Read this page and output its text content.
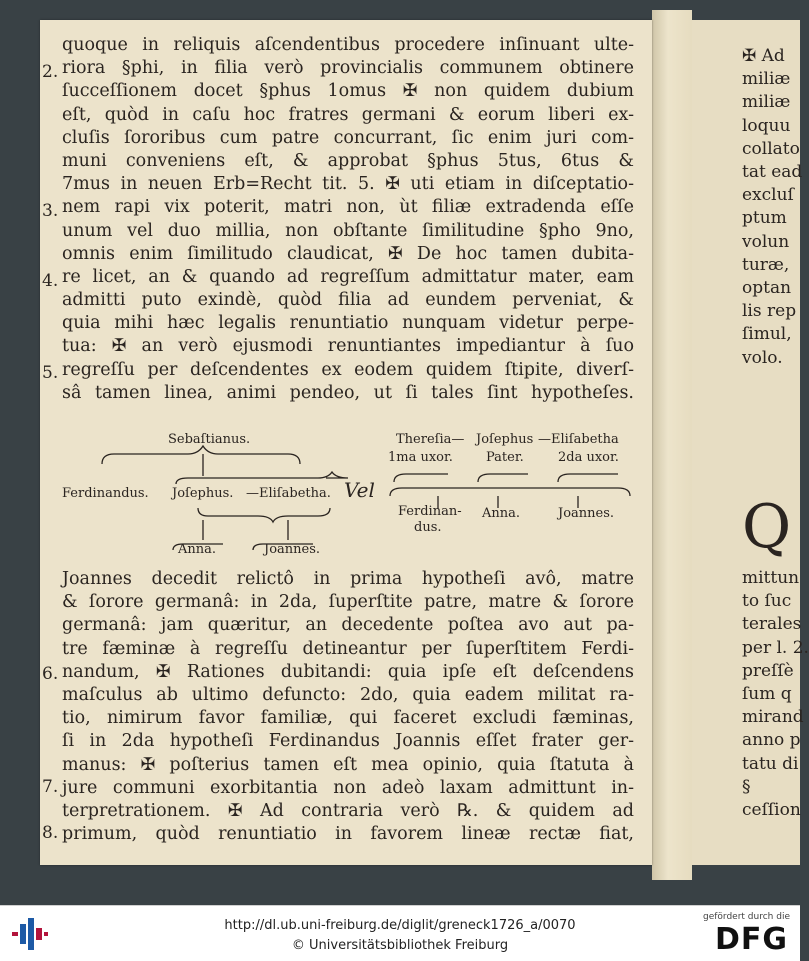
quoque in reliquis aſcendentibus procedere inſinuant ulte-
riora §phi, in filia verò provincialis communem obtinere
ſucceſſionem docet §phus 1omus ✠ non quidem dubium
eſt, quòd in caſu hoc fratres germani & eorum liberi ex-
cluſis ſororibus cum patre concurrant, ſic enim juri com-
muni conveniens eſt, & approbat §phus 5tus, 6tus &
7mus in neuen Erb=Recht tit. 5. ✠ uti etiam in diſceptatio-
nem rapi vix poterit, matri non, ùt filiæ extradenda eſſe
unum vel duo millia, non obſtante ſimilitudine §pho 9no,
omnis enim ſimilitudo claudicat, ✠ De hoc tamen dubita-
re licet, an & quando ad regreſſum admittatur mater, eam
admitti puto exindè, quòd filia ad eundem perveniat, &
quia mihi hæc legalis renuntiatio nunquam videtur perpe-
tua: ✠ an verò ejusmodi renuntiantes impediantur à ſuo
regreſſu per deſcendentes ex eodem quidem ſtipite, diverſ-
sâ tamen linea, animi pendeo, ut ſi tales ſint hypotheſes.
2.
3.
4.
5.
6.
7.
8.
Sebaſtianus.
Ferdinandus. Joſephus. —Eliſabetha.
Anna.	Joannes.
Vel
Thereſia—
1ma uxor.
Joſephus
Pater.
—Eliſabetha
2da uxor.
Ferdinan-
dus.
Anna.	Joannes.
Joannes decedit relictô in prima hypotheſi avô, matre
& ſorore germanâ: in 2da, ſuperſtite patre, matre & ſorore
germanâ: jam quæritur, an decedente poſtea avo aut pa-
tre fæminæ à regreſſu detineantur per ſuperſtitem Ferdi-
nandum, ✠ Rationes dubitandi: quia ipſe eſt deſcendens
maſculus ab ultimo defuncto: 2do, quia eadem militat ra-
tio, nimirum favor familiæ, qui faceret excludi fæminas,
ſi in 2da hypotheſi Ferdinandus Joannis eſſet frater ger-
manus: ✠ poſterius tamen eſt mea opinio, quia ſtatuta à
jure communi exorbitantia non adeò laxam admittunt in-
terpretrationem. ✠ Ad contraria verò ℞. & quidem ad
primum, quòd renuntiatio in favorem lineæ rectæ fiat,
Q
✠ Ad
miliæ
miliæ
loquu
collato
tat ead
excluſ
ptum
volun
turæ,
optan
lis rep
ſimul,
volo.
mittun
to ſuc
terales
per l. 2.
preſſè
ſum q
mirand
anno p
tatu di
§
ceſſion
http://dl.ub.uni-freiburg.de/diglit/greneck1726_a/0070
© Universitätsbibliothek Freiburg
gefördert durch die
DFG
